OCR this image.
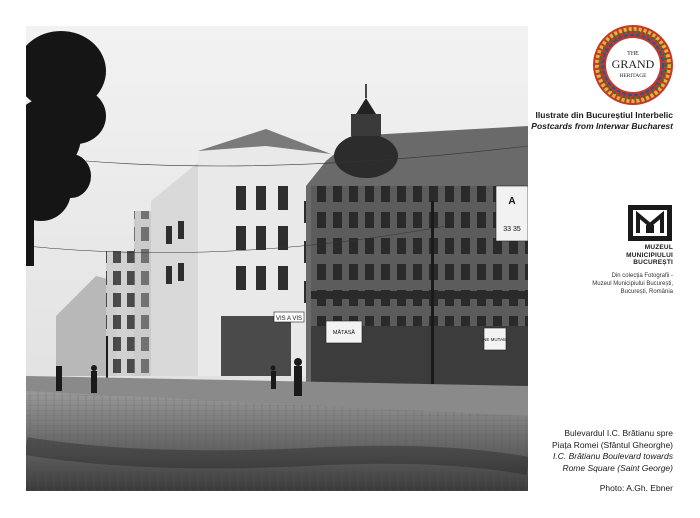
VIS A VIS
MĂTASĂ
NE MUTAM
A
33 35
THE
GRAND
HERITAGE
Ilustrate din Bucureștiul Interbelic
Postcards from Interwar Bucharest
MUZEUL
MUNICIPIULUI
BUCUREȘTI
Din colecția Fotografii -
Muzeul Municipiului București,
București, România
Bulevardul I.C. Brătianu spre
Piața Romei (Sfântul Gheorghe)
I.C. Brătianu Boulevard towards
Rome Square (Saint George)
Photo: A.Gh. Ebner
